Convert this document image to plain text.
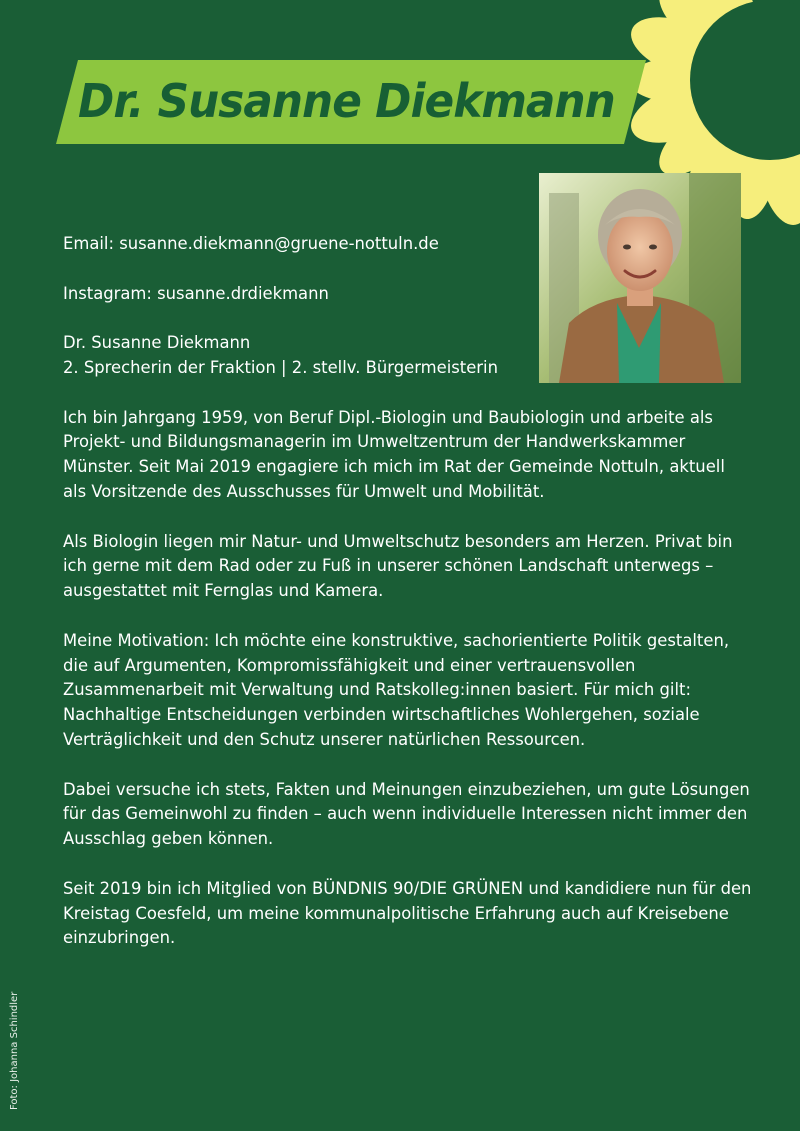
Dr. Susanne Diekmann

Email: susanne.diekmann@gruene-nottuln.de

Instagram: susanne.drdiekmann

Dr. Susanne Diekmann

2. Sprecherin der Fraktion | 2. stellv. Bürgermeisterin

Ich bin Jahrgang 1959, von Beruf Dipl.-Biologin und Baubiologin und arbeite als Projekt- und Bildungsmanagerin im Umweltzentrum der Handwerkskammer Münster. Seit Mai 2019 engagiere ich mich im Rat der Gemeinde Nottuln, aktuell als Vorsitzende des Ausschusses für Umwelt und Mobilität.

Als Biologin liegen mir Natur- und Umweltschutz besonders am Herzen. Privat bin ich gerne mit dem Rad oder zu Fuß in unserer schönen Landschaft unterwegs – ausgestattet mit Fernglas und Kamera.

Meine Motivation: Ich möchte eine konstruktive, sachorientierte Politik gestalten, die auf Argumenten, Kompromissfähigkeit und einer vertrauensvollen Zusammenarbeit mit Verwaltung und Ratskolleg:innen basiert. Für mich gilt: Nachhaltige Entscheidungen verbinden wirtschaftliches Wohlergehen, soziale Verträglichkeit und den Schutz unserer natürlichen Ressourcen.

Dabei versuche ich stets, Fakten und Meinungen einzubeziehen, um gute Lösungen für das Gemeinwohl zu finden – auch wenn individuelle Interessen nicht immer den Ausschlag geben können.

Seit 2019 bin ich Mitglied von BÜNDNIS 90/DIE GRÜNEN und kandidiere nun für den Kreistag Coesfeld, um meine kommunalpolitische Erfahrung auch auf Kreisebene einzubringen.

Foto: Johanna Schindler
